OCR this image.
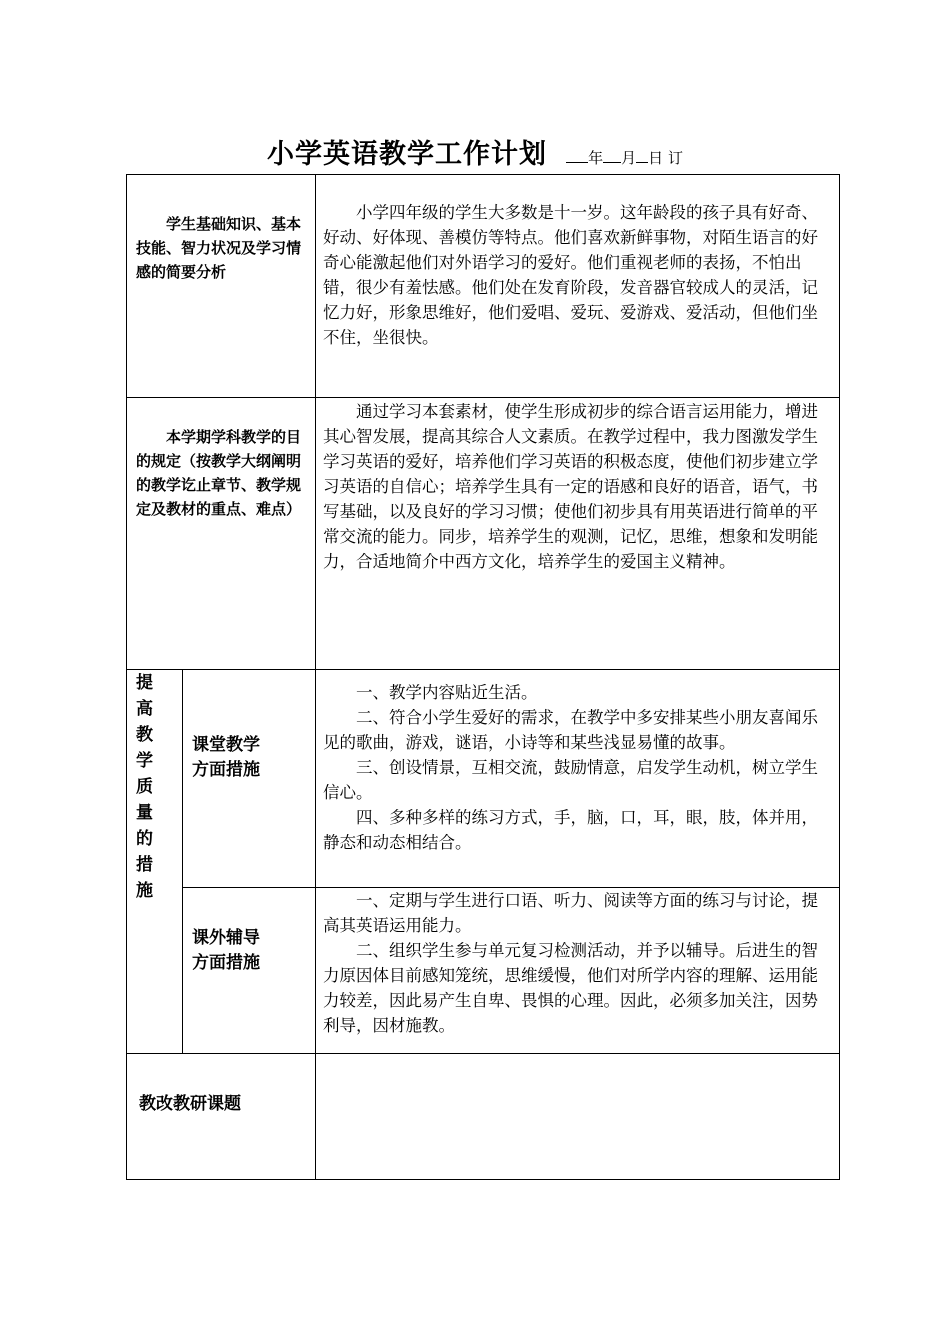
小学英语教学工作计划	年 月 日 订
学生基础知识、基本技能、智力状况及学习情感的简要分析

小学四年级的学生大多数是十一岁。这年龄段的孩子具有好奇、好动、好体现、善模仿等特点。他们喜欢新鲜事物，对陌生语言的好奇心能激起他们对外语学习的爱好。他们重视老师的表扬，不怕出错，很少有羞怯感。他们处在发育阶段，发音器官较成人的灵活，记忆力好，形象思维好，他们爱唱、爱玩、爱游戏、爱活动，但他们坐不住，坐很快。

本学期学科教学的目的规定（按教学大纲阐明的教学讫止章节、教学规定及教材的重点、难点）

通过学习本套素材，使学生形成初步的综合语言运用能力，增进其心智发展，提高其综合人文素质。在教学过程中，我力图激发学生学习英语的爱好，培养他们学习英语的积极态度，使他们初步建立学习英语的自信心；培养学生具有一定的语感和良好的语音，语气，书写基础，以及良好的学习习惯；使他们初步具有用英语进行简单的平常交流的能力。同步，培养学生的观测，记忆，思维，想象和发明能力，合适地简介中西方文化，培养学生的爱国主义精神。

提
高
教
学
质
量
的
措
施
课堂教学
方面措施

一、教学内容贴近生活。

二、符合小学生爱好的需求，在教学中多安排某些小朋友喜闻乐见的歌曲，游戏，谜语，小诗等和某些浅显易懂的故事。

三、创设情景，互相交流，鼓励情意，启发学生动机，树立学生信心。

四、多种多样的练习方式，手，脑，口，耳，眼，肢，体并用，静态和动态相结合。

课外辅导
方面措施

一、定期与学生进行口语、听力、阅读等方面的练习与讨论，提高其英语运用能力。

二、组织学生参与单元复习检测活动，并予以辅导。后进生的智力原因体目前感知笼统，思维缓慢，他们对所学内容的理解、运用能力较差，因此易产生自卑、畏惧的心理。因此，必须多加关注，因势利导，因材施教。

教改教研课题
